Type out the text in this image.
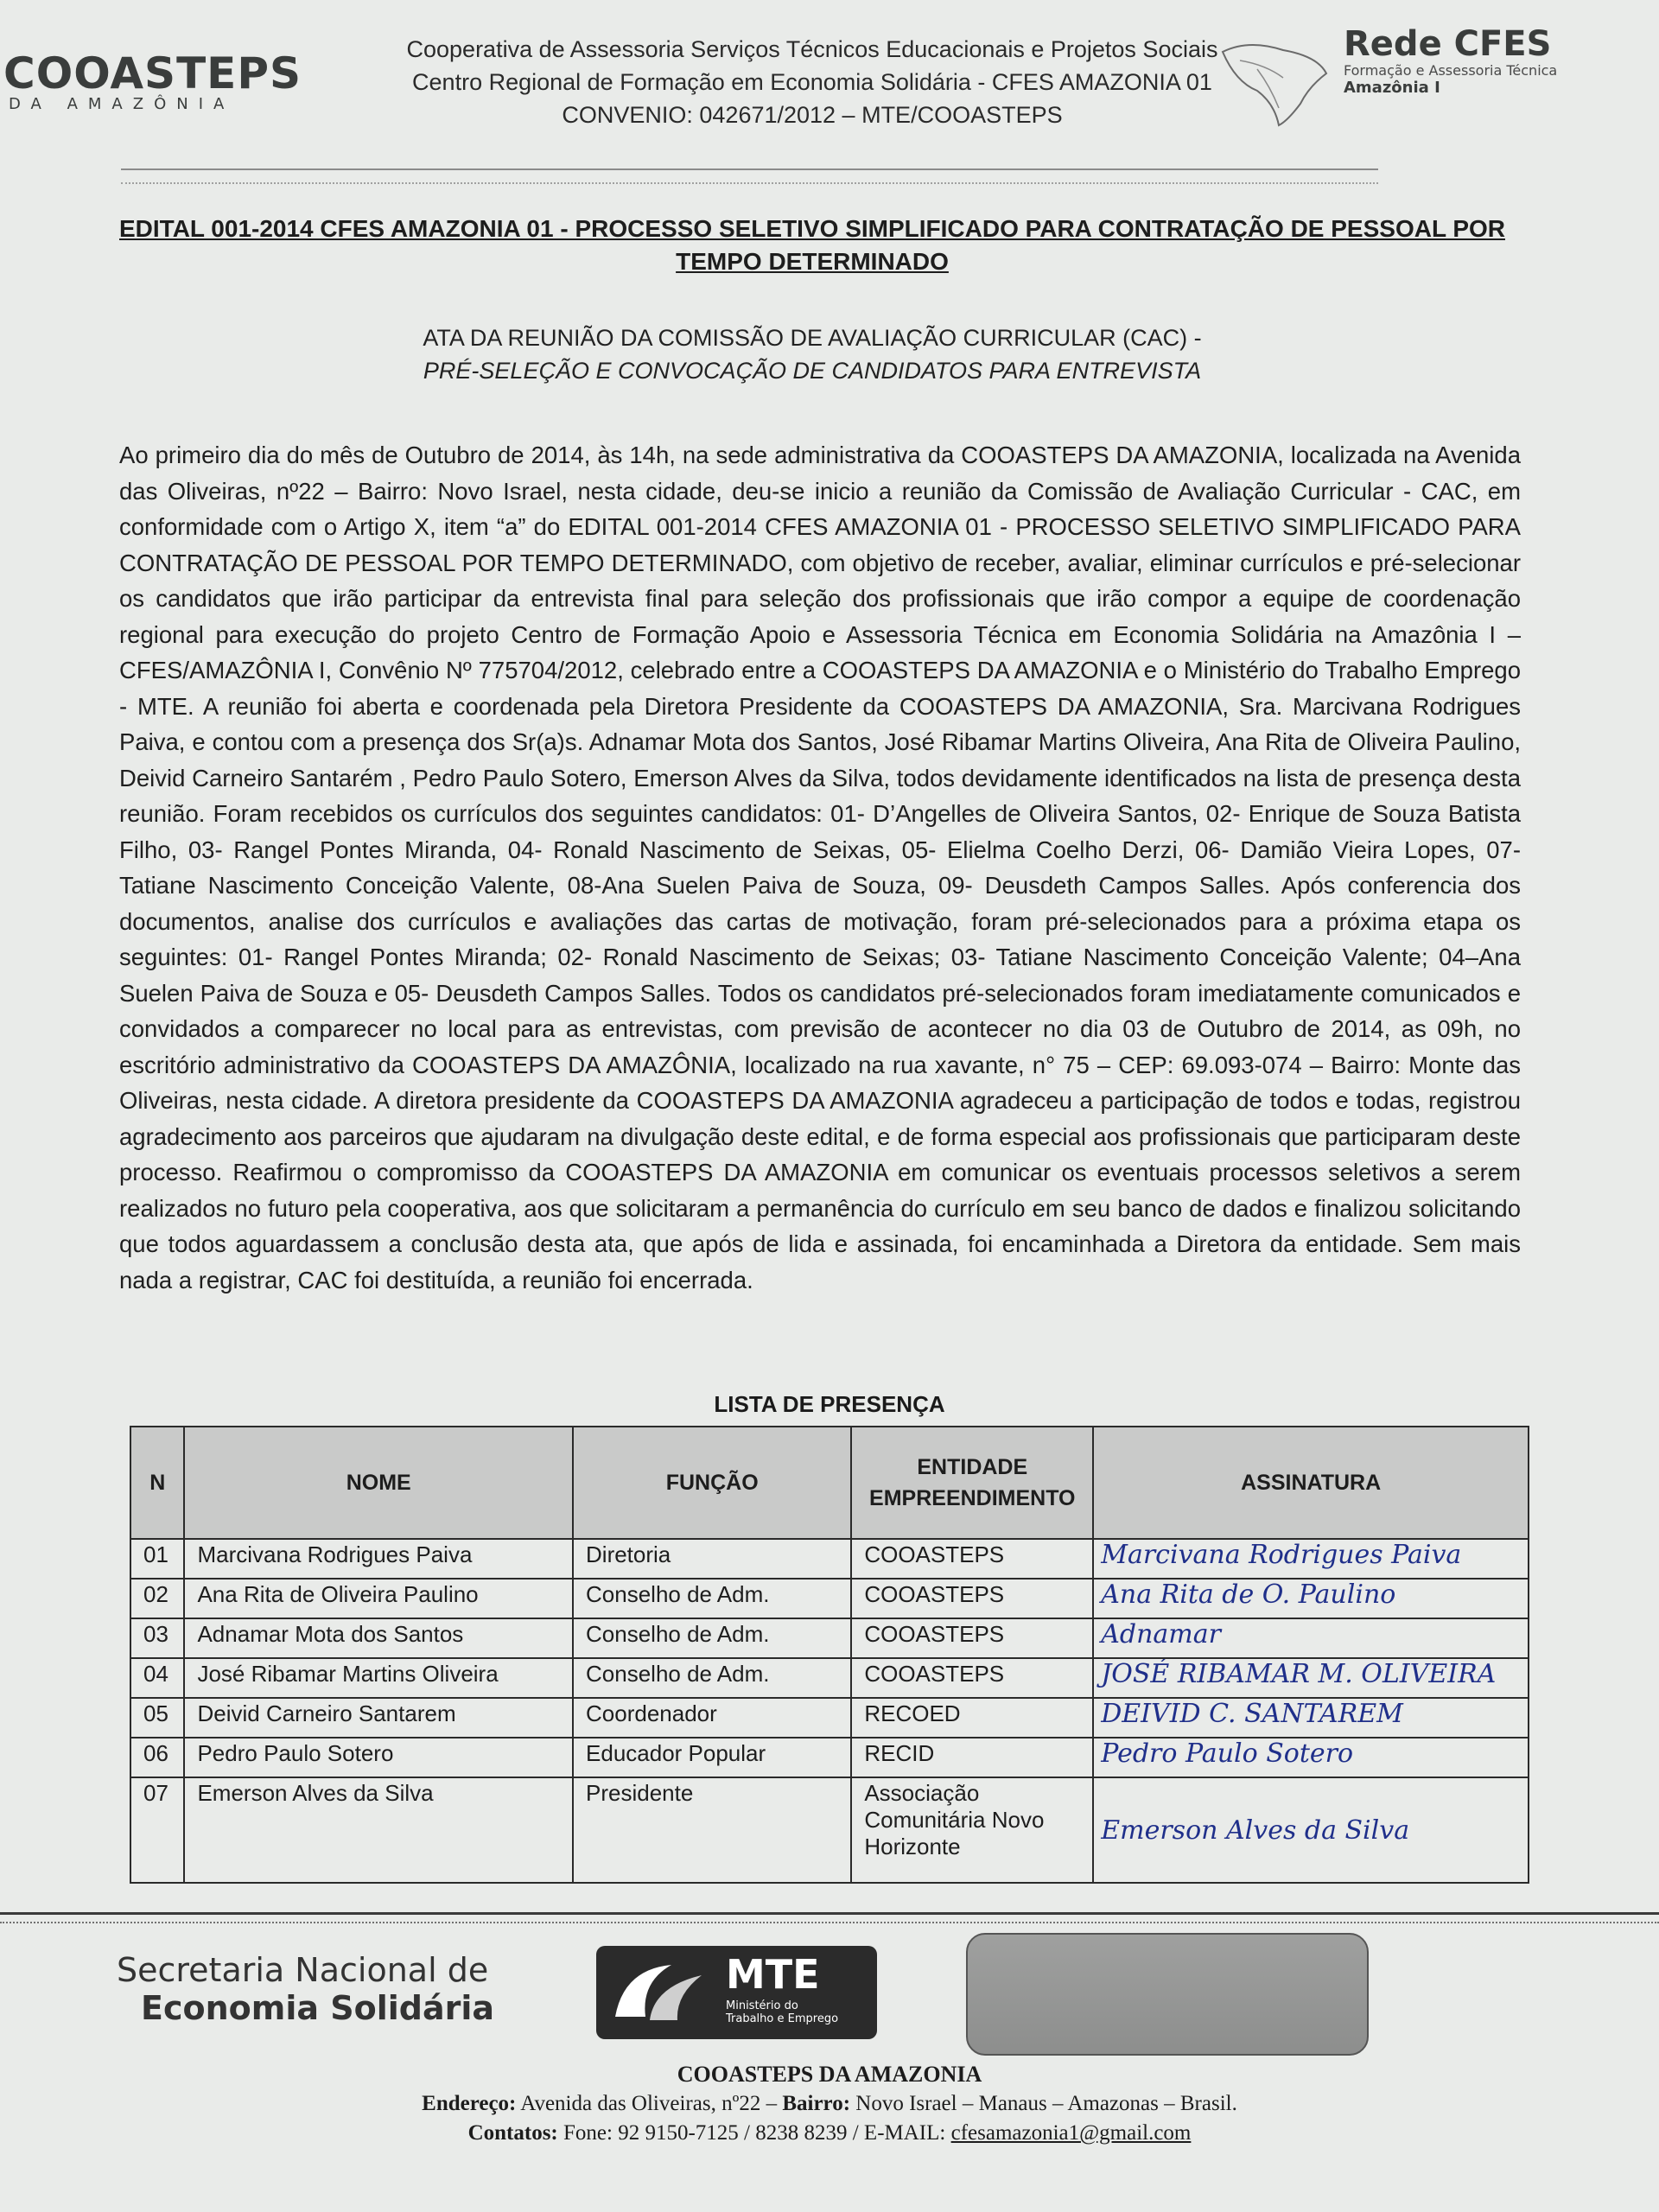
COOASTEPS
DA AMAZÔNIA
Cooperativa de Assessoria Serviços Técnicos Educacionais e Projetos Sociais
Centro Regional de Formação em Economia Solidária - CFES AMAZONIA 01
CONVENIO: 042671/2012 – MTE/COOASTEPS
Rede CFES
Formação e Assessoria Técnica
Amazônia I
EDITAL 001-2014 CFES AMAZONIA 01 - PROCESSO SELETIVO SIMPLIFICADO PARA CONTRATAÇÃO DE PESSOAL POR TEMPO DETERMINADO
ATA DA REUNIÃO DA COMISSÃO DE AVALIAÇÃO CURRICULAR (CAC) -
PRÉ-SELEÇÃO E CONVOCAÇÃO DE CANDIDATOS PARA ENTREVISTA
Ao primeiro dia do mês de Outubro de 2014, às 14h, na sede administrativa da COOASTEPS DA AMAZONIA, localizada na Avenida das Oliveiras, nº22 – Bairro: Novo Israel, nesta cidade, deu-se inicio a reunião da Comissão de Avaliação Curricular - CAC, em conformidade com o Artigo X, item “a” do EDITAL 001-2014 CFES AMAZONIA 01 - PROCESSO SELETIVO SIMPLIFICADO PARA CONTRATAÇÃO DE PESSOAL POR TEMPO DETERMINADO, com objetivo de receber, avaliar, eliminar currículos e pré-selecionar os candidatos que irão participar da entrevista final para seleção dos profissionais que irão compor a equipe de coordenação regional para execução do projeto Centro de Formação Apoio e Assessoria Técnica em Economia Solidária na Amazônia I – CFES/AMAZÔNIA I, Convênio Nº 775704/2012, celebrado entre a COOASTEPS DA AMAZONIA e o Ministério do Trabalho Emprego - MTE. A reunião foi aberta e coordenada pela Diretora Presidente da COOASTEPS DA AMAZONIA, Sra. Marcivana Rodrigues Paiva, e contou com a presença dos Sr(a)s. Adnamar Mota dos Santos, José Ribamar Martins Oliveira, Ana Rita de Oliveira Paulino, Deivid Carneiro Santarém , Pedro Paulo Sotero, Emerson Alves da Silva, todos devidamente identificados na lista de presença desta reunião. Foram recebidos os currículos dos seguintes candidatos: 01- D’Angelles de Oliveira Santos, 02- Enrique de Souza Batista Filho, 03- Rangel Pontes Miranda, 04- Ronald Nascimento de Seixas, 05- Elielma Coelho Derzi, 06- Damião Vieira Lopes, 07- Tatiane Nascimento Conceição Valente, 08-Ana Suelen Paiva de Souza, 09- Deusdeth Campos Salles. Após conferencia dos documentos, analise dos currículos e avaliações das cartas de motivação, foram pré-selecionados para a próxima etapa os seguintes: 01- Rangel Pontes Miranda; 02- Ronald Nascimento de Seixas; 03- Tatiane Nascimento Conceição Valente; 04–Ana Suelen Paiva de Souza e 05- Deusdeth Campos Salles. Todos os candidatos pré-selecionados foram imediatamente comunicados e convidados a comparecer no local para as entrevistas, com previsão de acontecer no dia 03 de Outubro de 2014, as 09h, no escritório administrativo da COOASTEPS DA AMAZÔNIA, localizado na rua xavante, n° 75 – CEP: 69.093-074 – Bairro: Monte das Oliveiras, nesta cidade. A diretora presidente da COOASTEPS DA AMAZONIA agradeceu a participação de todos e todas, registrou agradecimento aos parceiros que ajudaram na divulgação deste edital, e de forma especial aos profissionais que participaram deste processo. Reafirmou o compromisso da COOASTEPS DA AMAZONIA em comunicar os eventuais processos seletivos a serem realizados no futuro pela cooperativa, aos que solicitaram a permanência do currículo em seu banco de dados e finalizou solicitando que todos aguardassem a conclusão desta ata, que após de lida e assinada, foi encaminhada a Diretora da entidade. Sem mais nada a registrar, CAC foi destituída, a reunião foi encerrada.
LISTA DE PRESENÇA
N	NOME	FUNÇÃO	ENTIDADE EMPREENDIMENTO	ASSINATURA
01	Marcivana Rodrigues Paiva	Diretoria	COOASTEPS	Marcivana Rodrigues Paiva
02	Ana Rita de Oliveira Paulino	Conselho de Adm.	COOASTEPS	Ana Rita de O. Paulino
03	Adnamar Mota dos Santos	Conselho de Adm.	COOASTEPS	Adnamar
04	José Ribamar Martins Oliveira	Conselho de Adm.	COOASTEPS	JOSÉ RIBAMAR M. OLIVEIRA
05	Deivid Carneiro Santarem	Coordenador	RECOED	DEIVID C. SANTAREM
06	Pedro Paulo Sotero	Educador Popular	RECID	Pedro Paulo Sotero
07	Emerson Alves da Silva	Presidente	Associação Comunitária Novo Horizonte	Emerson Alves da Silva
Secretaria Nacional de
Economia Solidária
MTE
Ministério do
Trabalho e Emprego
COOASTEPS DA AMAZONIA
Endereço: Avenida das Oliveiras, nº22 – Bairro: Novo Israel – Manaus – Amazonas – Brasil.
Contatos: Fone: 92 9150-7125 / 8238 8239 / E-MAIL: cfesamazonia1@gmail.com
